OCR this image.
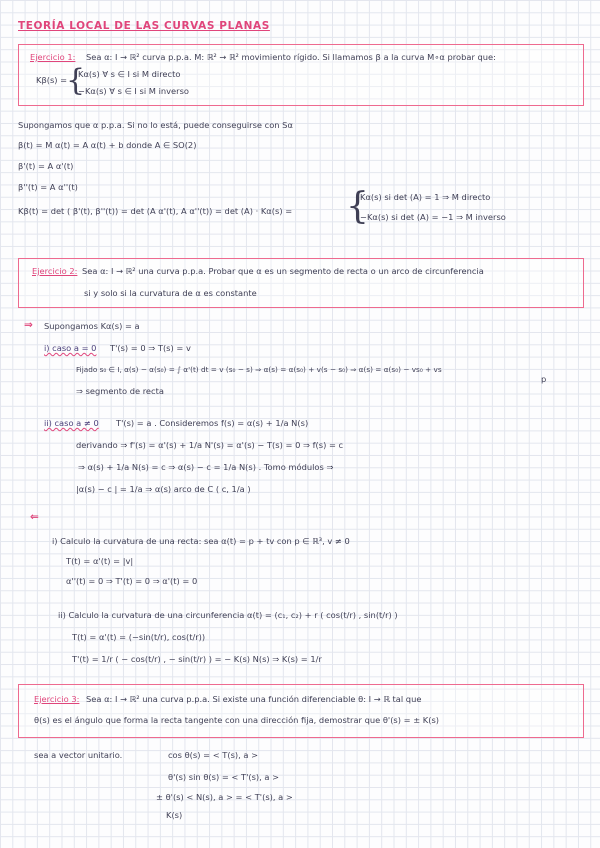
TEORÍA LOCAL DE LAS CURVAS PLANAS
Ejercicio 1: Sea α: I → ℝ² curva p.p.a. M: ℝ² → ℝ² movimiento rígido. Si llamamos β a la curva M∘α probar que:
Kβ(s) =
{
Kα(s) ∀ s ∈ I si M directo
−Kα(s) ∀ s ∈ I si M inverso
Supongamos que α p.p.a. Si no lo está, puede conseguirse con Sα
β(t) = M α(t) = A α(t) + b donde A ∈ SO(2)
β'(t) = A α'(t)
β''(t) = A α''(t)
Kβ(t) = det ( β'(t), β''(t)) = det (A α'(t), A α''(t)) = det (A) · Kα(s) = {
Kα(s) si det (A) = 1 ⇒ M directo
−Kα(s) si det (A) = −1 ⇒ M inverso
Ejercicio 2: Sea α: I → ℝ² una curva p.p.a. Probar que α es un segmento de recta o un arco de circunferencia
si y solo si la curvatura de α es constante
⇒ Supongamos Kα(s) = a
i) caso a = 0 T'(s) = 0 ⇒ T(s) = v
Fijado s₀ ∈ I, α(s) − α(s₀) = ∫ α'(t) dt = v (s₀ − s) ⇒ α(s) = α(s₀) + v(s − s₀) ⇒ α(s) = α(s₀) − vs₀ + vs
p
⇒ segmento de recta
ii) caso a ≠ 0 T'(s) = a . Consideremos f(s) = α(s) + 1/a N(s)
derivando ⇒ f'(s) = α'(s) + 1/a N'(s) = α'(s) − T(s) = 0 ⇒ f(s) = c
⇒ α(s) + 1/a N(s) = c ⇒ α(s) − c = 1/a N(s) . Tomo módulos ⇒
|α(s) − c | = 1/a ⇒ α(s) arco de C ( c, 1/a )
⇐
i) Calculo la curvatura de una recta: sea α(t) = p + tv con p ∈ ℝ³, v ≠ 0
T(t) = α'(t) = |v|
α''(t) = 0 ⇒ T'(t) = 0 ⇒ α'(t) = 0
ii) Calculo la curvatura de una circunferencia α(t) = (c₁, c₂) + r ( cos(t/r) , sin(t/r) )
T(t) = α'(t) = (−sin(t/r), cos(t/r))
T'(t) = 1/r ( − cos(t/r) , − sin(t/r) ) = − K(s) N(s) ⇒ K(s) = 1/r
Ejercicio 3: Sea α: I → ℝ² una curva p.p.a. Si existe una función diferenciable θ: I → ℝ tal que
θ(s) es el ángulo que forma la recta tangente con una dirección fija, demostrar que θ'(s) = ± K(s)
sea a vector unitario.	cos θ(s) = < T(s), a >
θ'(s) sin θ(s) = < T'(s), a >
± θ'(s) < N(s), a > = < T'(s), a >
K(s)
